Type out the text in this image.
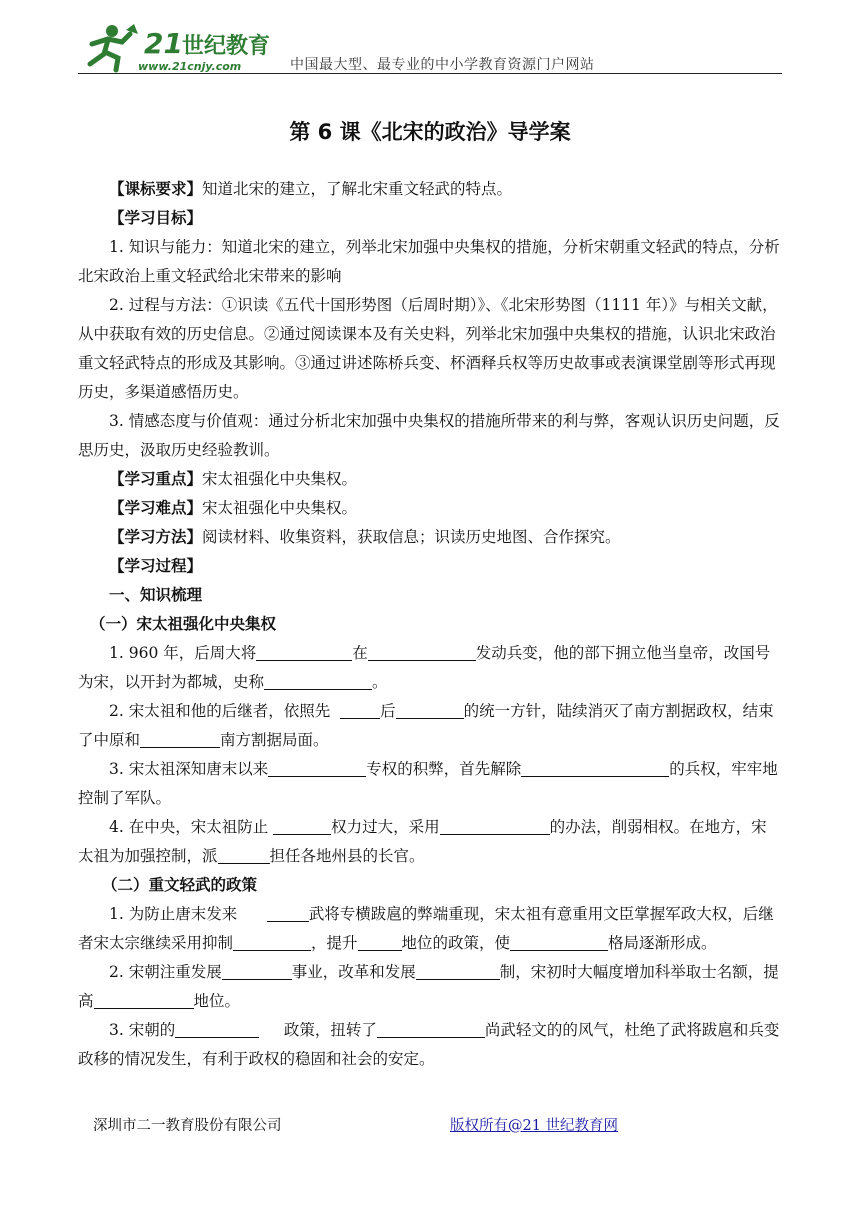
21 世纪教育
www.21cnjy.com	中国最大型、最专业的中小学教育资源门户网站
第 6 课《北宋的政治》导学案

【课标要求】知道北宋的建立，了解北宋重文轻武的特点。

【学习目标】

1. 知识与能力：知道北宋的建立，列举北宋加强中央集权的措施，分析宋朝重文轻武的特点，分析北宋政治上重文轻武给北宋带来的影响

2. 过程与方法：①识读《五代十国形势图（后周时期）》、《北宋形势图（1111 年）》与相关文献，从中获取有效的历史信息。②通过阅读课本及有关史料，列举北宋加强中央集权的措施，认识北宋政治重文轻武特点的形成及其影响。③通过讲述陈桥兵变、杯酒释兵权等历史故事或表演课堂剧等形式再现历史，多渠道感悟历史。

3. 情感态度与价值观：通过分析北宋加强中央集权的措施所带来的利与弊，客观认识历史问题，反思历史，汲取历史经验教训。

【学习重点】宋太祖强化中央集权。

【学习难点】宋太祖强化中央集权。

【学习方法】阅读材料、收集资料，获取信息；识读历史地图、合作探究。

【学习过程】

一、知识梳理

（一）宋太祖强化中央集权

1. 960 年，后周大将	在	发动兵变，他的部下拥立他当皇帝，改国号为宋，以开封为都城，史称	。

2. 宋太祖和他的后继者，依照先	后	的统一方针，陆续消灭了南方割据政权，结束了中原和	南方割据局面。

3. 宋太祖深知唐末以来	专权的积弊，首先解除	的兵权，牢牢地控制了军队。

4. 在中央，宋太祖防止	权力过大，采用	的办法，削弱相权。在地方，宋太祖为加强控制，派	担任各地州县的长官。

（二）重文轻武的政策

1. 为防止唐末发来	武将专横跋扈的弊端重现，宋太祖有意重用文臣掌握军政大权，后继者宋太宗继续采用抑制	，提升	地位的政策，使	格局逐渐形成。

2. 宋朝注重发展	事业，改革和发展	制，宋初时大幅度增加科举取士名额，提高	地位。

3. 宋朝的	政策，扭转了	尚武轻文的的风气，杜绝了武将跋扈和兵变政移的情况发生，有利于政权的稳固和社会的安定。

深圳市二一教育股份有限公司	版权所有@21 世纪教育网
